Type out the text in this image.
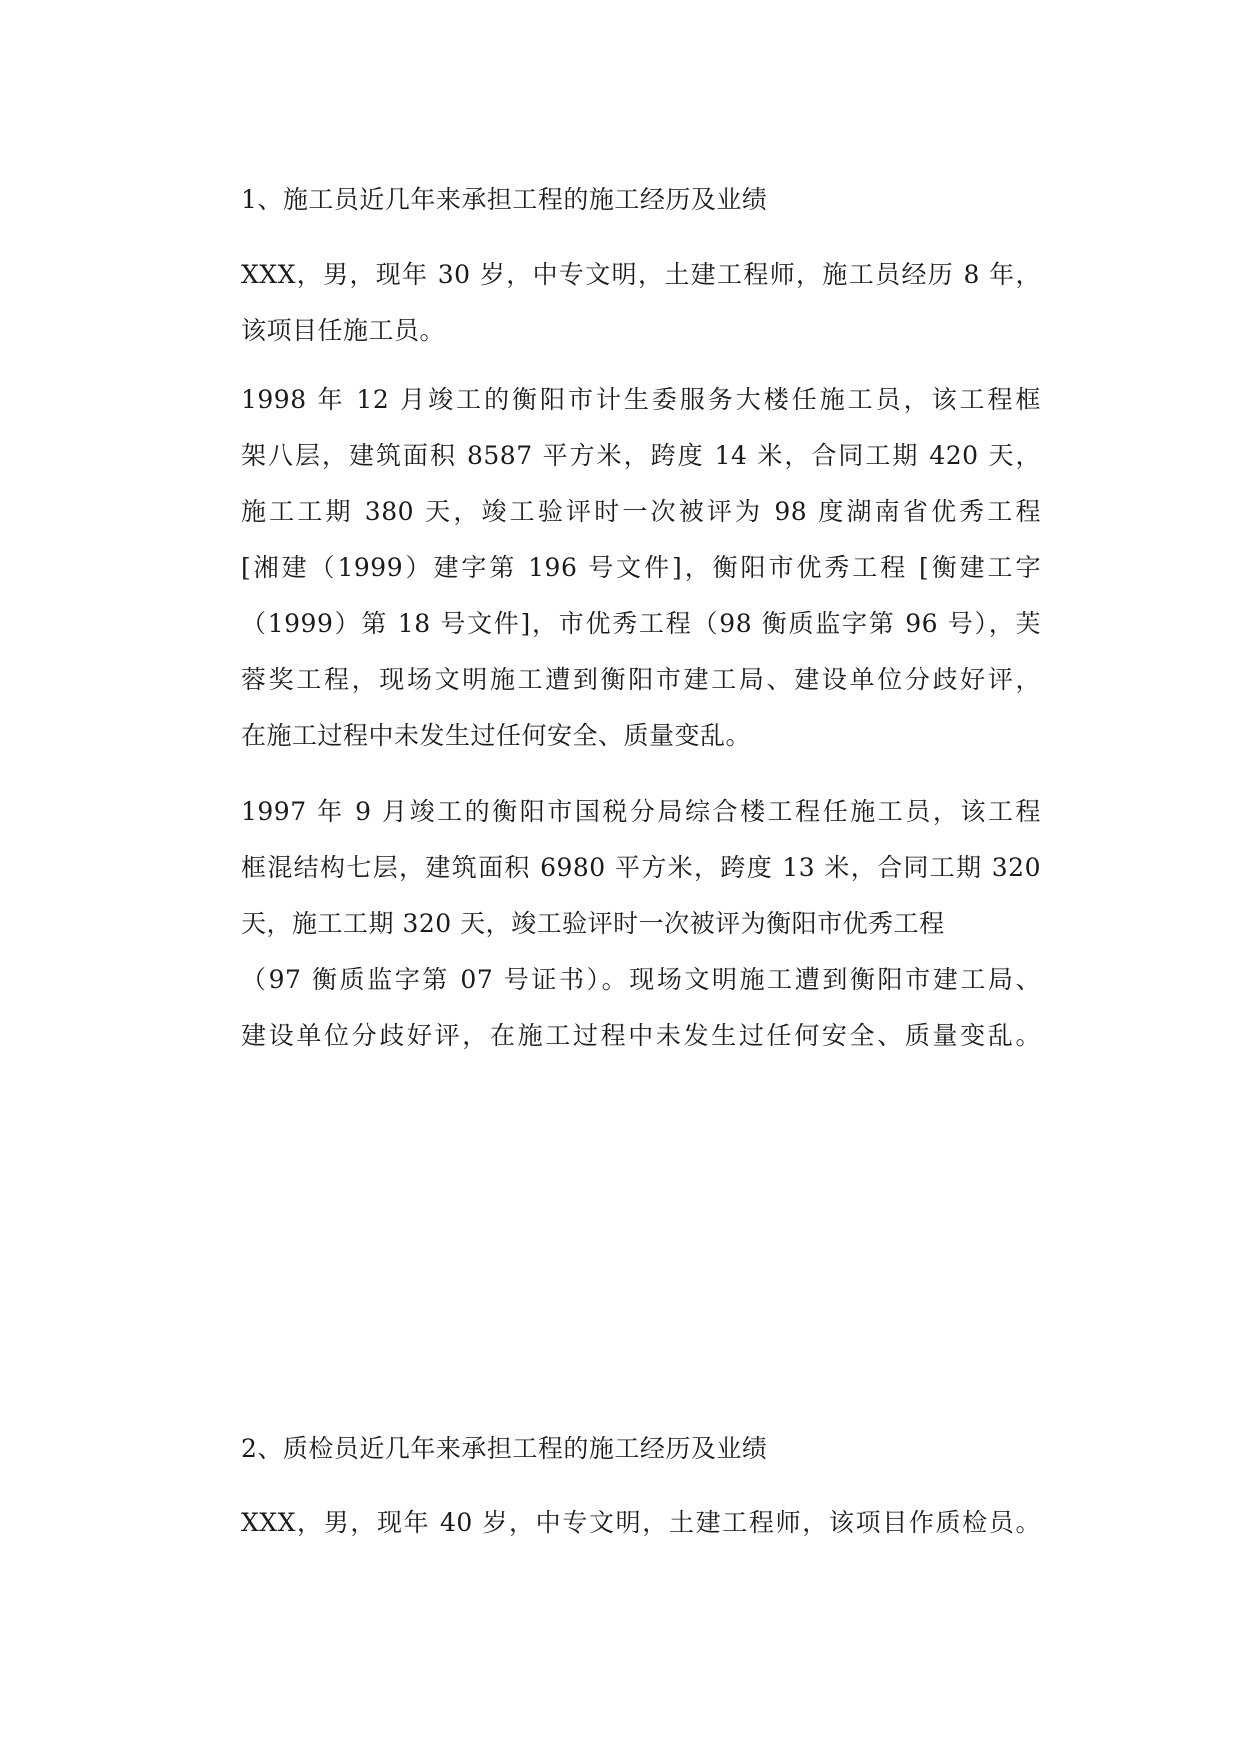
1、施工员近几年来承担工程的施工经历及业绩
XXX，男，现年 30 岁，中专文明，土建工程师，施工员经历 8 年，
该项目任施工员。
1998 年 12 月竣工的衡阳市计生委服务大楼任施工员，该工程框
架八层，建筑面积 8587 平方米，跨度 14 米，合同工期 420 天，
施工工期 380 天，竣工验评时一次被评为 98 度湖南省优秀工程
[湘建（1999）建字第 196 号文件]，衡阳市优秀工程 [衡建工字
（1999）第 18 号文件]，市优秀工程（98 衡质监字第 96 号），芙
蓉奖工程，现场文明施工遭到衡阳市建工局、建设单位分歧好评，
在施工过程中未发生过任何安全、质量变乱。
1997 年 9 月竣工的衡阳市国税分局综合楼工程任施工员，该工程
框混结构七层，建筑面积 6980 平方米，跨度 13 米，合同工期 320
天，施工工期 320 天，竣工验评时一次被评为衡阳市优秀工程
（97 衡质监字第 07 号证书）。现场文明施工遭到衡阳市建工局、
建设单位分歧好评，在施工过程中未发生过任何安全、质量变乱。
2、质检员近几年来承担工程的施工经历及业绩
XXX，男，现年 40 岁，中专文明，土建工程师，该项目作质检员。
